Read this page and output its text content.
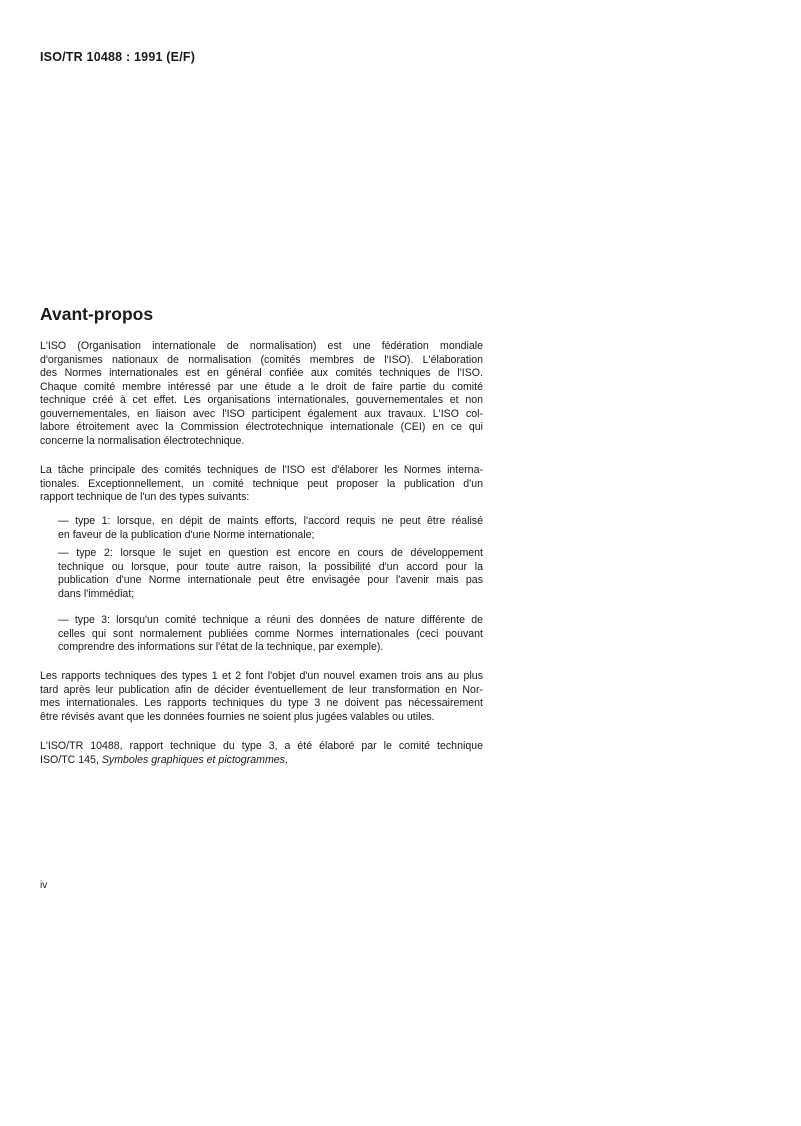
ISO/TR 10488 : 1991 (E/F)
Avant-propos
L'ISO (Organisation internationale de normalisation) est une fédération mondiale
d'organismes nationaux de normalisation (comités membres de l'ISO). L'élaboration
des Normes internationales est en général confiée aux comités techniques de l'ISO.
Chaque comité membre intéressé par une étude a le droit de faire partie du comité
technique créé à cet effet. Les organisations internationales, gouvernementales et non
gouvernementales, en liaison avec l'ISO participent également aux travaux. L'ISO col-
labore étroitement avec la Commission électrotechnique internationale (CEI) en ce qui
concerne la normalisation électrotechnique.
La tâche principale des comités techniques de l'ISO est d'élaborer les Normes interna-
tionales. Exceptionnellement, un comité technique peut proposer la publication d'un
rapport technique de l'un des types suivants:
— type 1: lorsque, en dépit de maints efforts, l'accord requis ne peut être réalisé
en faveur de la publication d'une Norme internationale;
— type 2: lorsque le sujet en question est encore en cours de développement
technique ou lorsque, pour toute autre raison, la possibilité d'un accord pour la
publication d'une Norme internationale peut être envisagée pour l'avenir mais pas
dans l'immédiat;
— type 3: lorsqu'un comité technique a réuni des données de nature différente de
celles qui sont normalement publiées comme Normes internationales (ceci pouvant
comprendre des informations sur l'état de la technique, par exemple).
Les rapports techniques des types 1 et 2 font l'objet d'un nouvel examen trois ans au plus
tard après leur publication afin de décider éventuellement de leur transformation en Nor-
mes internationales. Les rapports techniques du type 3 ne doivent pas nécessairement
être révisés avant que les données fournies ne soient plus jugées valables ou utiles.
L'ISO/TR 10488, rapport technique du type 3, a été élaboré par le comité technique
ISO/TC 145, Symboles graphiques et pictogrammes.
iv
